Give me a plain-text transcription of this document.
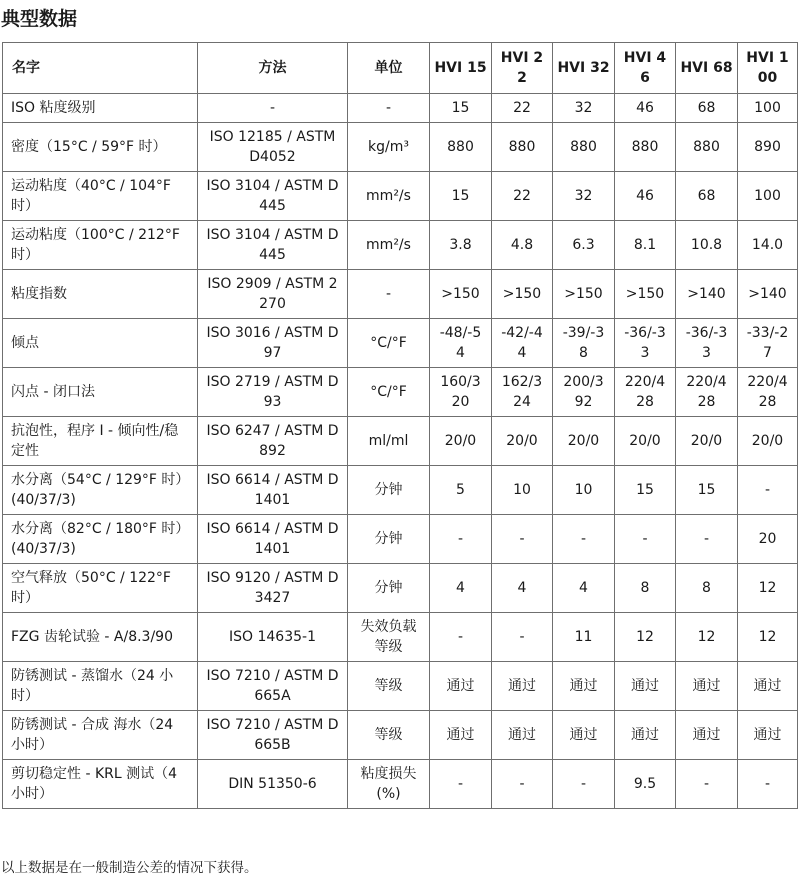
典型数据
名字	方法	单位	HVI 15	HVI 22	HVI 32	HVI 46	HVI 68	HVI 100
ISO 粘度级别	-	-	15	22	32	46	68	100
密度（15°C / 59°F 时）	ISO 12185 / ASTM D4052	kg/m³	880	880	880	880	880	890
运动粘度（40°C / 104°F 时）	ISO 3104 / ASTM D445	mm²/s	15	22	32	46	68	100
运动粘度（100°C / 212°F 时）	ISO 3104 / ASTM D445	mm²/s	3.8	4.8	6.3	8.1	10.8	14.0
粘度指数	ISO 2909 / ASTM 2270	-	>150	>150	>150	>150	>140	>140
倾点	ISO 3016 / ASTM D97	°C/°F	-48/-54	-42/-44	-39/-38	-36/-33	-36/-33	-33/-27
闪点 - 闭口法	ISO 2719 / ASTM D93	°C/°F	160/320	162/324	200/392	220/428	220/428	220/428
抗泡性，程序 I - 倾向性/稳定性	ISO 6247 / ASTM D892	ml/ml	20/0	20/0	20/0	20/0	20/0	20/0
水分离（54°C / 129°F 时）(40/37/3)	ISO 6614 / ASTM D1401	分钟	5	10	10	15	15	-
水分离（82°C / 180°F 时）(40/37/3)	ISO 6614 / ASTM D1401	分钟	-	-	-	-	-	20
空气释放（50°C / 122°F 时）	ISO 9120 / ASTM D3427	分钟	4	4	4	8	8	12
FZG 齿轮试验 - A/8.3/90	ISO 14635-1	失效负载等级	-	-	11	12	12	12
防锈测试 - 蒸馏水（24 小时）	ISO 7210 / ASTM D665A	等级	通过	通过	通过	通过	通过	通过
防锈测试 - 合成 海水（24 小时）	ISO 7210 / ASTM D665B	等级	通过	通过	通过	通过	通过	通过
剪切稳定性 - KRL 测试（4 小时）	DIN 51350-6	粘度损失 (%)	-	-	-	9.5	-	-
以上数据是在一般制造公差的情况下获得。
